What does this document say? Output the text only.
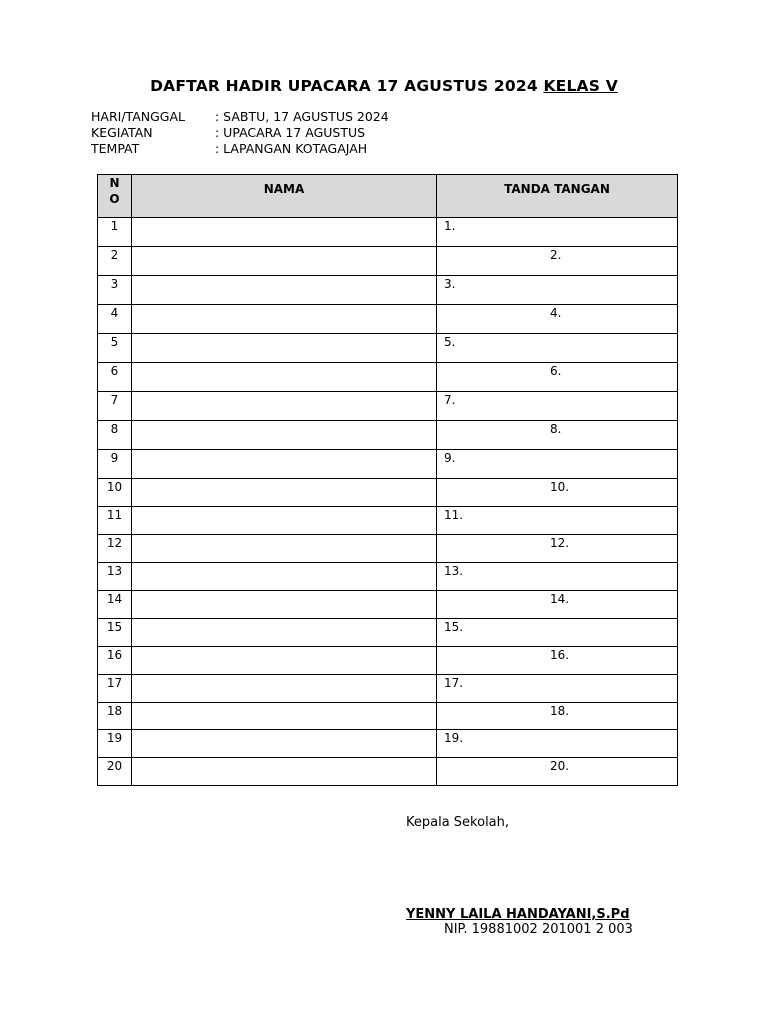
DAFTAR HADIR UPACARA 17 AGUSTUS 2024 KELAS V
HARI/TANGGAL	: SABTU, 17 AGUSTUS 2024
KEGIATAN	: UPACARA 17 AGUSTUS
TEMPAT	: LAPANGAN KOTAGAJAH
N
O	NAMA	TANDA TANGAN
1		1.
2		2.
3		3.
4		4.
5		5.
6		6.
7		7.
8		8.
9		9.
10		10.
11		11.
12		12.
13		13.
14		14.
15		15.
16		16.
17		17.
18		18.
19		19.
20		20.
Kepala Sekolah,
YENNY LAILA HANDAYANI,S.Pd
NIP. 19881002 201001 2 003
